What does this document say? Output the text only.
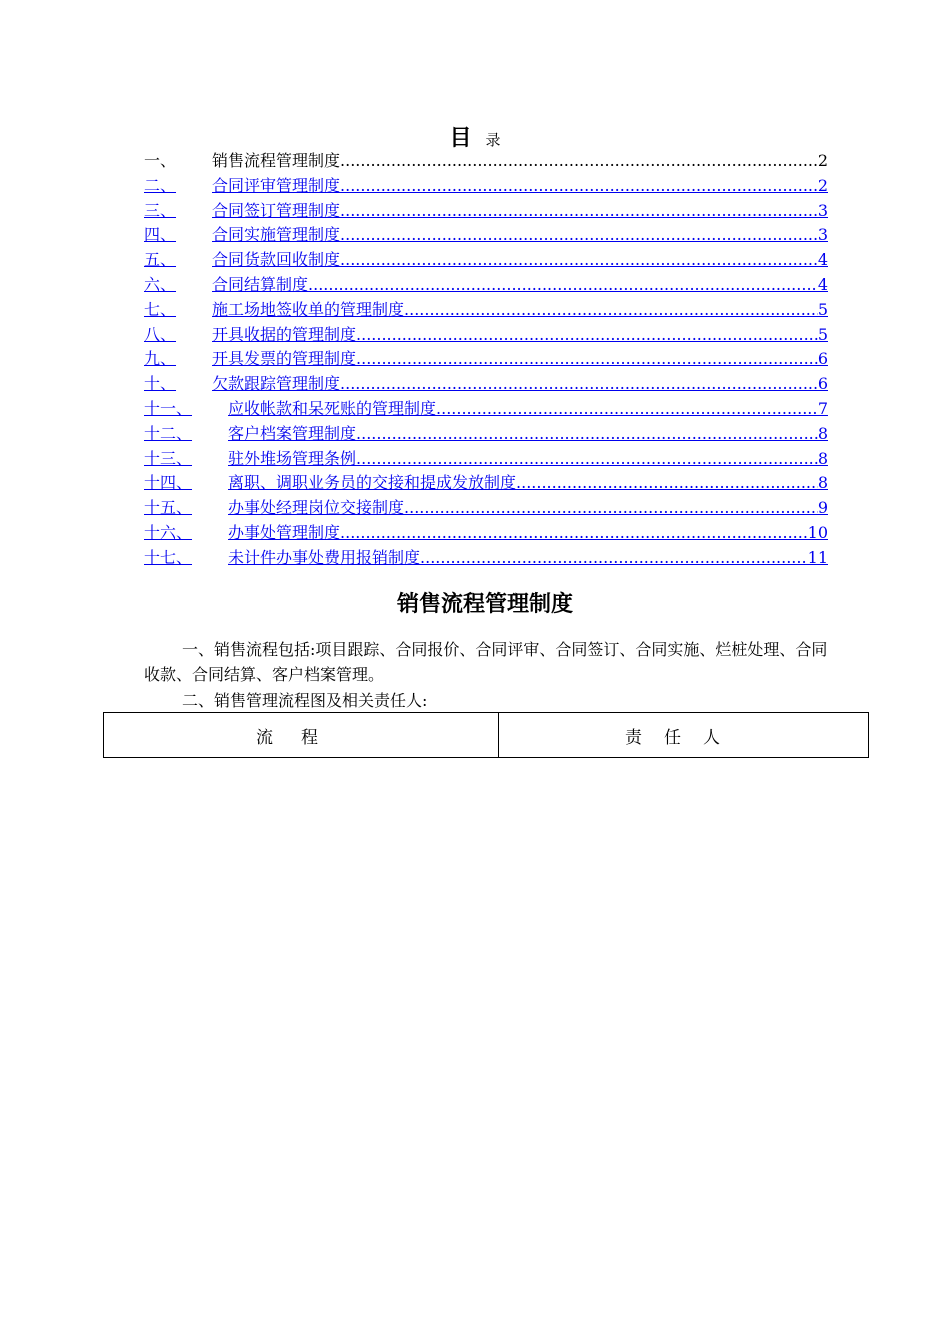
目 录
一、	销售流程管理制度 .....	2
二、	合同评审管理制度 .....	2
三、	合同签订管理制度 .....	3
四、	合同实施管理制度 .....	3
五、	合同货款回收制度 .....	4
六、	合同结算制度 .....	4
七、	施工场地签收单的管理制度 .....	5
八、	开具收据的管理制度 .....	5
九、	开具发票的管理制度 .....	6
十、	欠款跟踪管理制度 .....	6
十一、	应收帐款和呆死账的管理制度 .....	7
十二、	客户档案管理制度 .....	8
十三、	驻外堆场管理条例 .....	8
十四、	离职、调职业务员的交接和提成发放制度 .....	8
十五、	办事处经理岗位交接制度 .....	9
十六、	办事处管理制度 .....	10
十七、	未计件办事处费用报销制度 .....	11
销售流程管理制度
一、销售流程包括:项目跟踪、合同报价、合同评审、合同签订、合同实施、烂桩处理、合同收款、合同结算、客户档案管理。
二、销售管理流程图及相关责任人:
流程	责任人
